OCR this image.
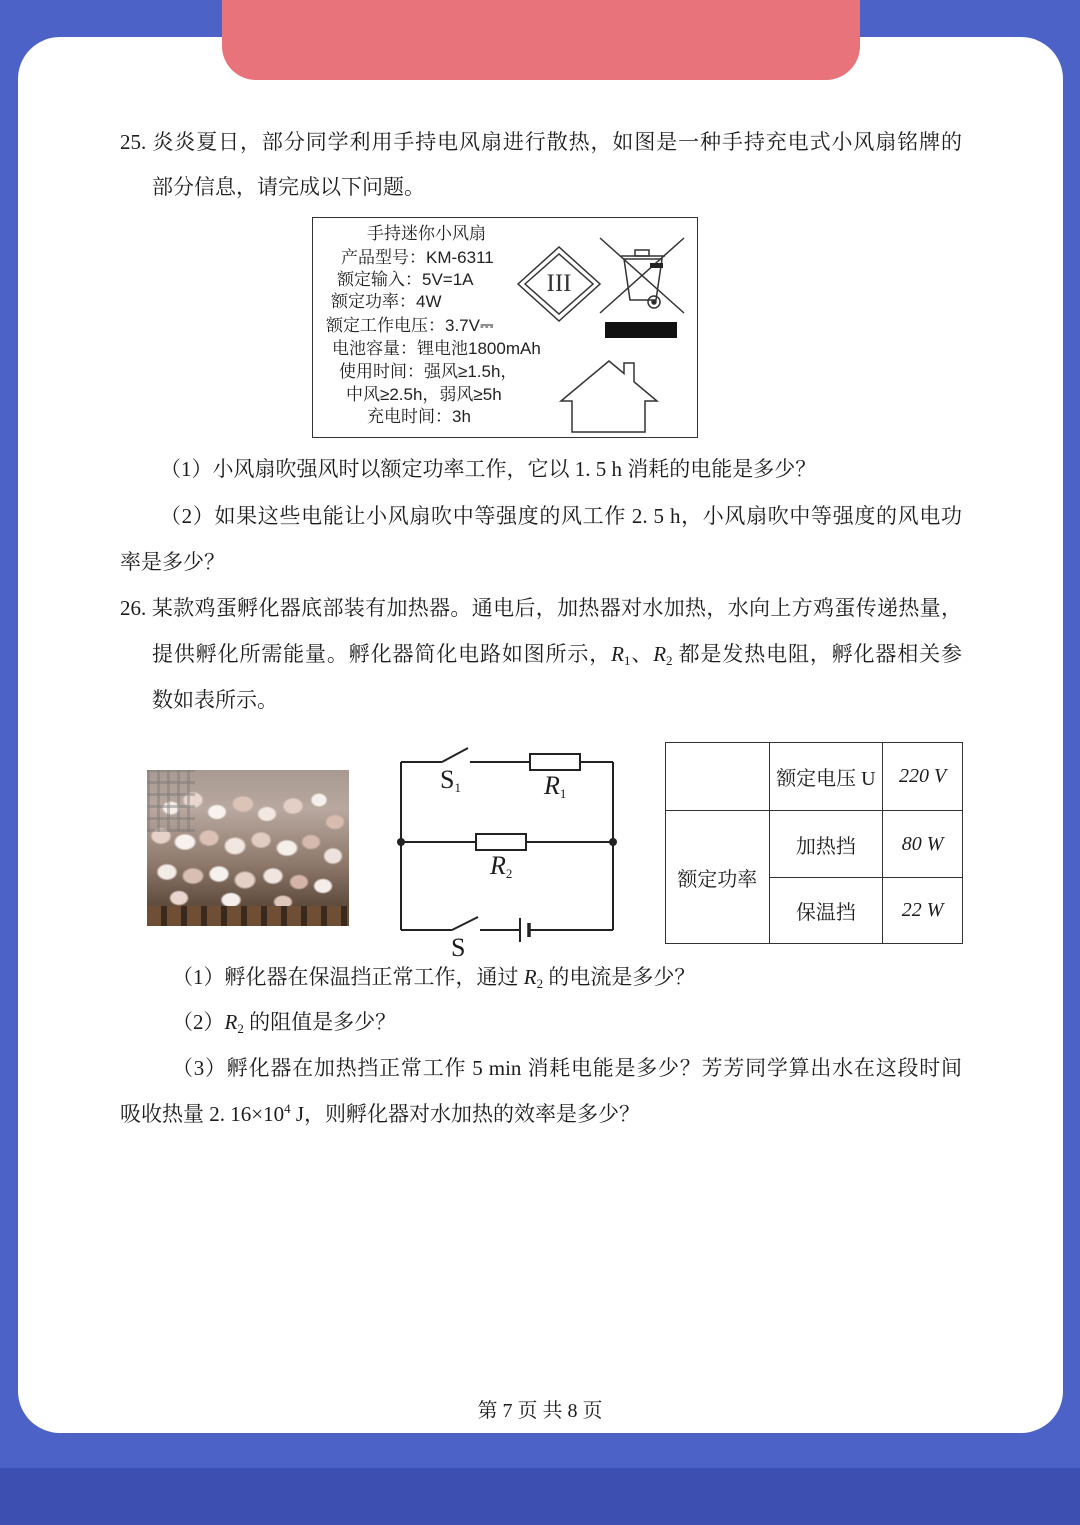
25. 炎炎夏日，部分同学利用手持电风扇进行散热，如图是一种手持充电式小风扇铭牌的
部分信息，请完成以下问题。
手持迷你小风扇
产品型号：KM-6311
额定输入：5V=1A
额定功率：4W
额定工作电压：3.7V⎓
电池容量：锂电池1800mAh
使用时间：强风≥1.5h，
中风≥2.5h，弱风≥5h
充电时间：3h
III
（1）小风扇吹强风时以额定功率工作，它以 1. 5 h 消耗的电能是多少？
（2）如果这些电能让小风扇吹中等强度的风工作 2. 5 h，小风扇吹中等强度的风电功
率是多少？
26. 某款鸡蛋孵化器底部装有加热器。通电后，加热器对水加热，水向上方鸡蛋传递热量，
提供孵化所需能量。孵化器简化电路如图所示，$R_1$、$R_2$ 都是发热电阻，孵化器相关参
数如表所示。
$S_1$	$R_1$
$R_2$
S
	额定电压 U	220 V
额定功率	加热挡	80 W
	保温挡	22 W
（1）孵化器在保温挡正常工作，通过 $R_2$ 的电流是多少？
$(2)R_2$ 的阻值是多少？
（3）孵化器在加热挡正常工作 5 min 消耗电能是多少？芳芳同学算出水在这段时间
吸收热量 2. $16\times 10^4$ J，则孵化器对水加热的效率是多少？
第 7 页 共 8 页
